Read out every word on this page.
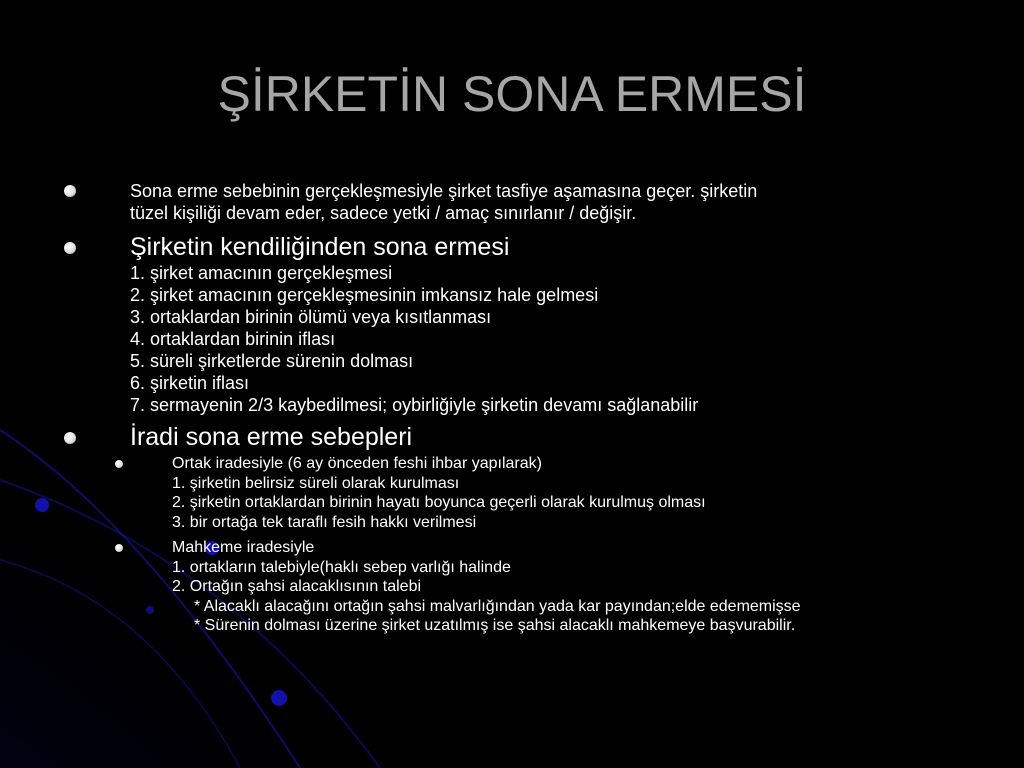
ŞİRKETİN SONA ERMESİ
Sona erme sebebinin gerçekleşmesiyle şirket tasfiye aşamasına geçer. şirketin
tüzel kişiliği devam eder, sadece yetki / amaç sınırlanır / değişir.
Şirketin kendiliğinden sona ermesi
1. şirket amacının gerçekleşmesi
2. şirket amacının gerçekleşmesinin imkansız hale gelmesi
3. ortaklardan birinin ölümü veya kısıtlanması
4. ortaklardan birinin iflası
5. süreli şirketlerde sürenin dolması
6. şirketin iflası
7. sermayenin 2/3 kaybedilmesi; oybirliğiyle şirketin devamı sağlanabilir
İradi sona erme sebepleri
Ortak iradesiyle (6 ay önceden feshi ihbar yapılarak)
1. şirketin belirsiz süreli olarak kurulması
2. şirketin ortaklardan birinin hayatı boyunca geçerli olarak kurulmuş olması
3. bir ortağa tek taraflı fesih hakkı verilmesi
Mahkeme iradesiyle
1. ortakların talebiyle(haklı sebep varlığı halinde
2. Ortağın şahsi alacaklısının talebi
* Alacaklı alacağını ortağın şahsi malvarlığından yada kar payından;elde edememişse
* Sürenin dolması üzerine şirket uzatılmış ise şahsi alacaklı mahkemeye başvurabilir.
